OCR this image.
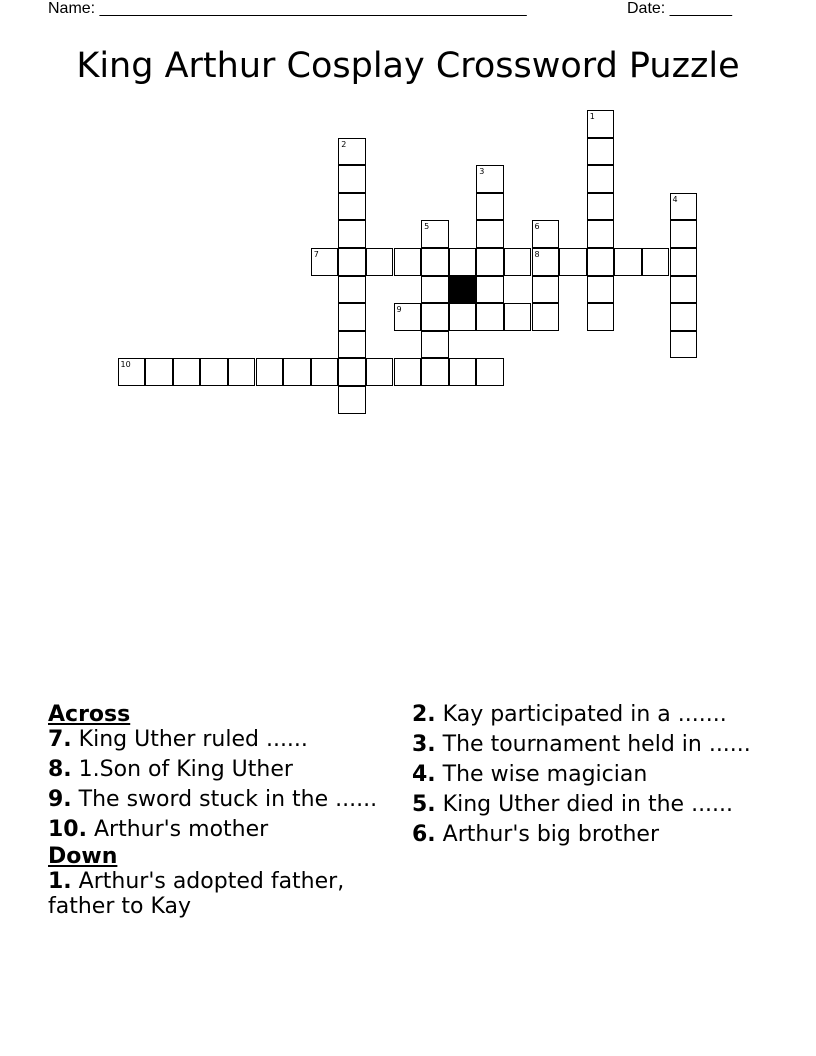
Name: ________________________________________________	Date: _______
King Arthur Cosplay Crossword Puzzle
7	8
9
10
1
2
3
4
5	6
Across
7. King Uther ruled ......
8. 1.Son of King Uther
9. The sword stuck in the ......
10. Arthur's mother
Down
1. Arthur's adopted father, father to Kay
2. Kay participated in a .......
3. The tournament held in ......
4. The wise magician
5. King Uther died in the ......
6. Arthur's big brother
